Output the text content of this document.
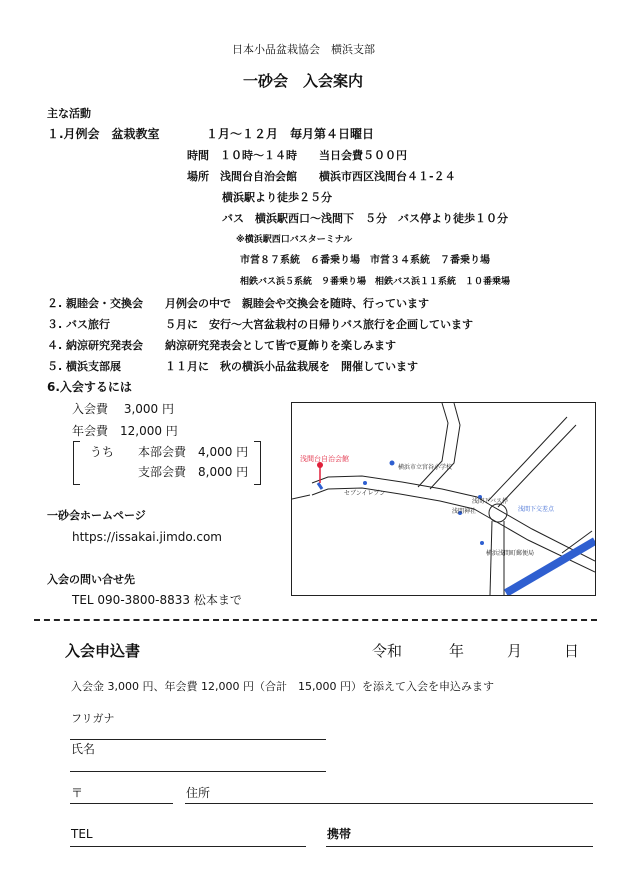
日本小品盆栽協会　横浜支部
一砂会　入会案内
主な活動
１.月例会　盆栽教室	１月～１２月　毎月第４日曜日
時間　１０時～１４時　　当日会費５００円
場所　浅間台自治会館　　横浜市西区浅間台４１-２４
横浜駅より徒歩２５分
バス　横浜駅西口～浅間下　５分　バス停より徒歩１０分
※横浜駅西口バスターミナル
市営８７系統　６番乗り場　市営３４系統　７番乗り場
相鉄バス浜５系統　９番乗り場　相鉄バス浜１１系統　１０番乗場
２. 親睦会・交換会　　月例会の中で　親睦会や交換会を随時、行っています
３. バス旅行　　　　　５月に　安行～大宮盆栽村の日帰りバス旅行を企画しています
４. 納涼研究発表会　　納涼研究発表会として皆で夏飾りを楽しみます
５. 横浜支部展　　　　１１月に　秋の横浜小品盆栽展を　開催しています
6.入会するには
入会費　 3,000 円
年会費　12,000 円
うち 本部会費　4,000 円
支部会費　8,000 円
一砂会ホームページ
https://issakai.jimdo.com
入会の問い合せ先
TEL 090-3800-8833 松本まで
浅間台自治会館
横浜市立宮谷小学校
セブンイレブン
浅間神社
浅間下バス停
浅間下交差点
横浜浅間町郵便局
入会申込書	令和	年	月	日
入会金 3,000 円、年会費 12,000 円（合計　15,000 円）を添えて入会を申込みます
フリガナ
氏名
〒	住所
TEL	携帯
